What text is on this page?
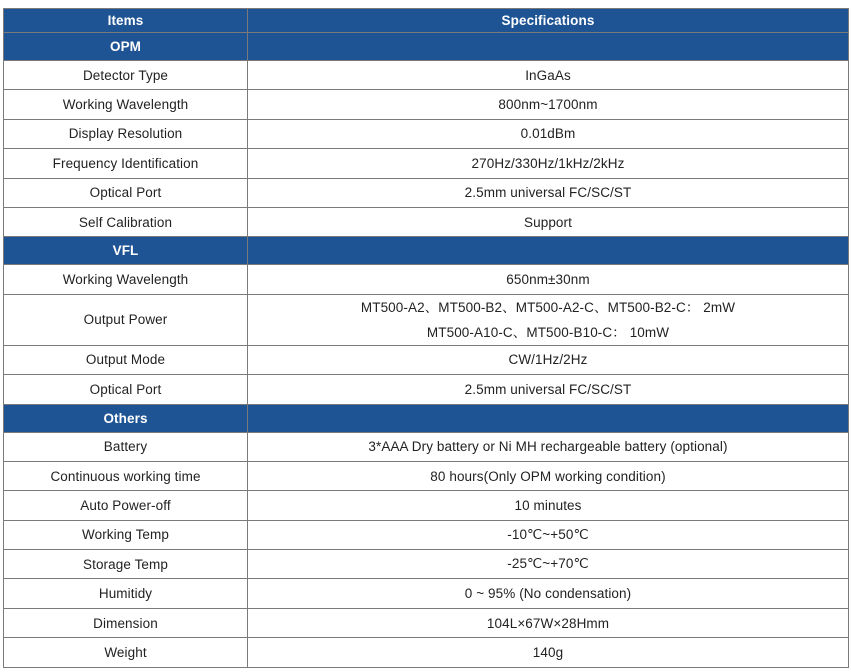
Items	Specifications
OPM	
Detector Type	InGaAs
Working Wavelength	800nm~1700nm
Display Resolution	0.01dBm
Frequency Identification	270Hz/330Hz/1kHz/2kHz
Optical Port	2.5mm universal FC/SC/ST
Self Calibration	Support
VFL	
Working Wavelength	650nm±30nm
Output Power	MT500-A2、MT500-B2、MT500-A2-C、MT500-B2-C： 2mW
MT500-A10-C、MT500-B10-C： 10mW

Output Mode	CW/1Hz/2Hz
Optical Port	2.5mm universal FC/SC/ST
Others	
Battery	3*AAA Dry battery or Ni MH rechargeable battery (optional)
Continuous working time	80 hours(Only OPM working condition)
Auto Power-off	10 minutes
Working Temp	-10℃~+50℃
Storage Temp	-25℃~+70℃
Humitidy	0 ~ 95% (No condensation)
Dimension	104L×67W×28Hmm
Weight	140g
